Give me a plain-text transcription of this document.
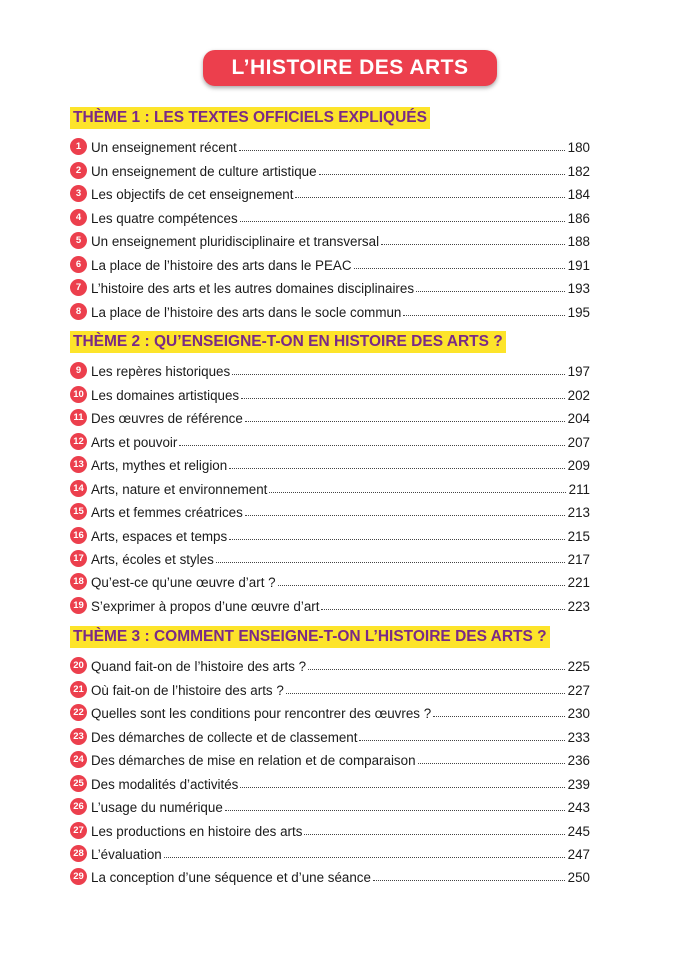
L’HISTOIRE DES ARTS
THÈME 1 : LES TEXTES OFFICIELS EXPLIQUÉS
1 Un enseignement récent	180
2 Un enseignement de culture artistique	182
3 Les objectifs de cet enseignement	184
4 Les quatre compétences	186
5 Un enseignement pluridisciplinaire et transversal	188
6 La place de l’histoire des arts dans le PEAC	191
7 L’histoire des arts et les autres domaines disciplinaires	193
8 La place de l’histoire des arts dans le socle commun	195
THÈME 2 : QU’ENSEIGNE-T-ON EN HISTOIRE DES ARTS ?
9 Les repères historiques	197
10 Les domaines artistiques	202
11 Des œuvres de référence	204
12 Arts et pouvoir	207
13 Arts, mythes et religion	209
14 Arts, nature et environnement	211
15 Arts et femmes créatrices	213
16 Arts, espaces et temps	215
17 Arts, écoles et styles	217
18 Qu’est-ce qu’une œuvre d’art ?	221
19 S’exprimer à propos d’une œuvre d’art	223
THÈME 3 : COMMENT ENSEIGNE-T-ON L’HISTOIRE DES ARTS ?
20 Quand fait-on de l’histoire des arts ?	225
21 Où fait-on de l’histoire des arts ?	227
22 Quelles sont les conditions pour rencontrer des œuvres ?	230
23 Des démarches de collecte et de classement	233
24 Des démarches de mise en relation et de comparaison	236
25 Des modalités d’activités	239
26 L’usage du numérique	243
27 Les productions en histoire des arts	245
28 L’évaluation	247
29 La conception d’une séquence et d’une séance	250
